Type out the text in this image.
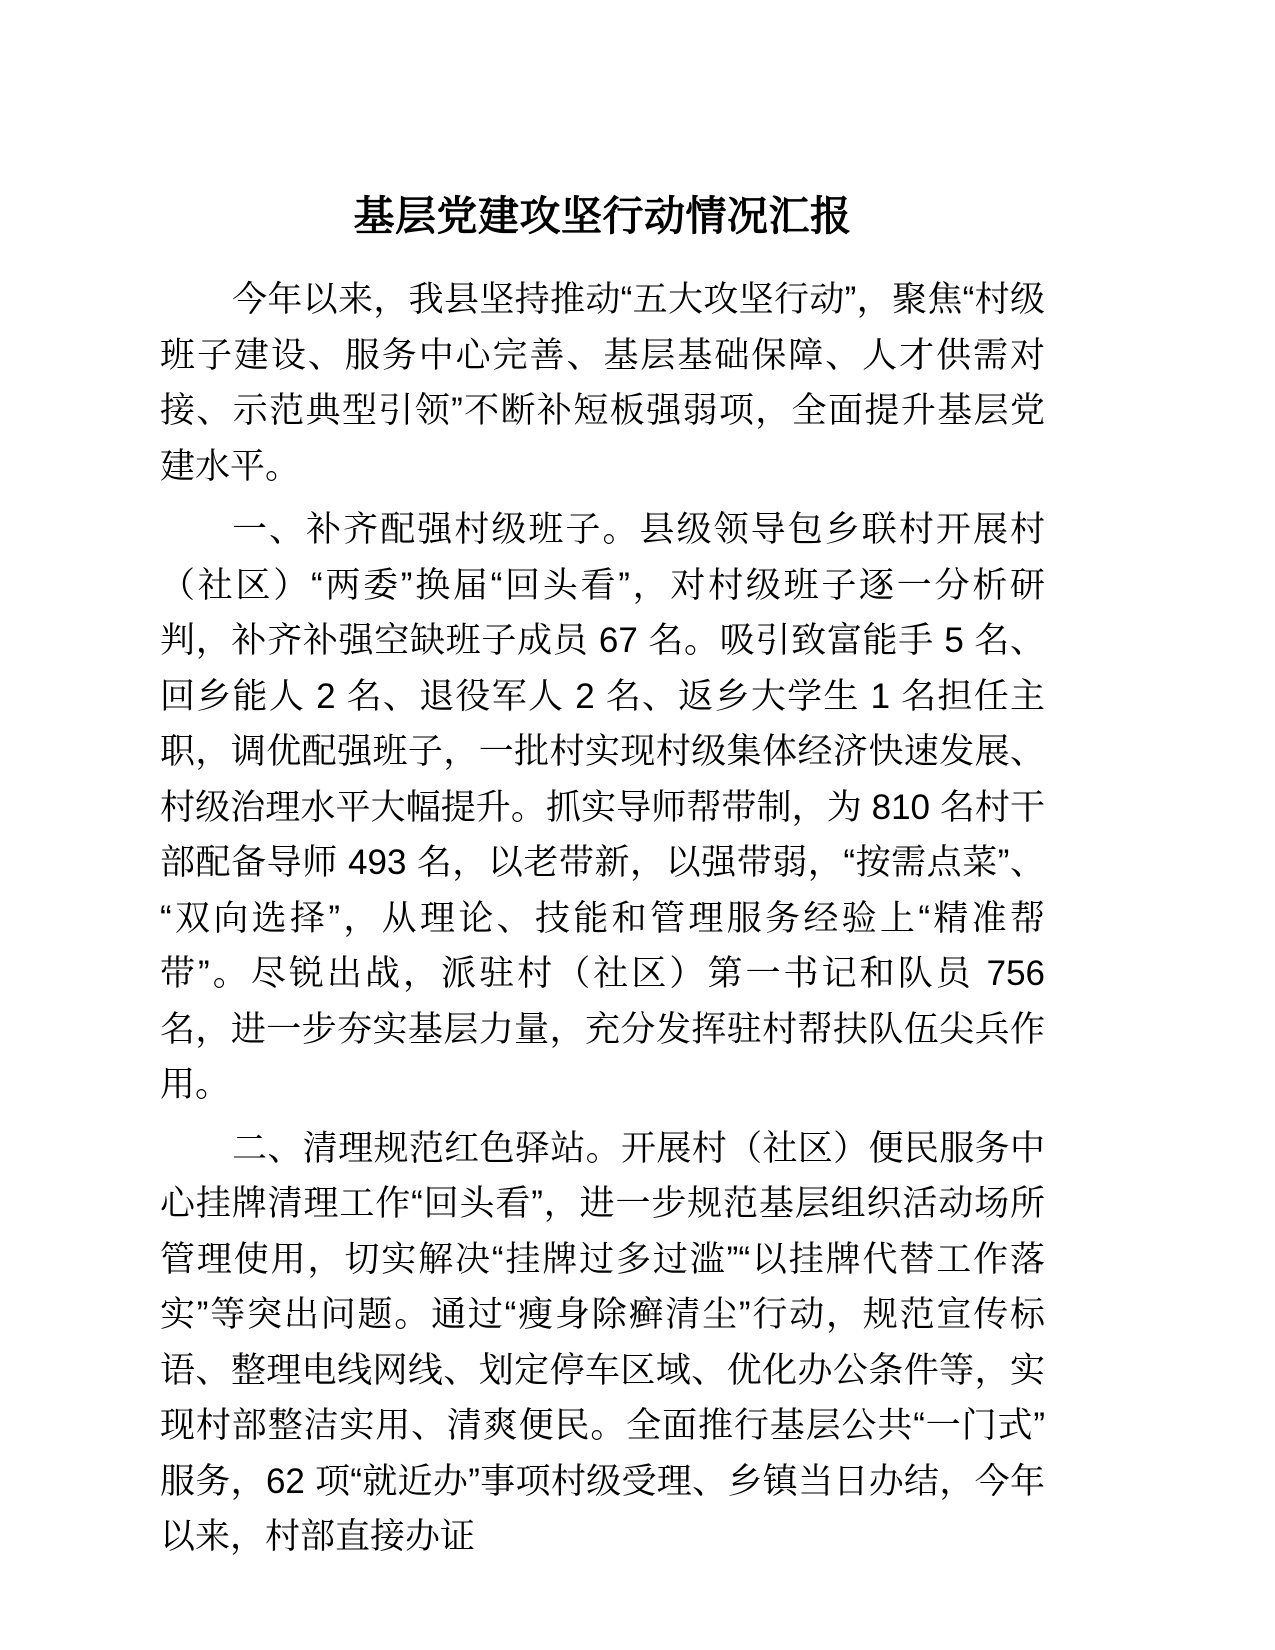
基层党建攻坚行动情况汇报

今年以来，我县坚持推动“五大攻坚行动”，聚焦“村级班子建设、服务中心完善、基层基础保障、人才供需对接、示范典型引领”不断补短板强弱项，全面提升基层党建水平。

一、补齐配强村级班子。县级领导包乡联村开展村（社区）“两委”换届“回头看”，对村级班子逐一分析研判，补齐补强空缺班子成员 67 名。吸引致富能手 5 名、回乡能人 2 名、退役军人 2 名、返乡大学生 1 名担任主职，调优配强班子，一批村实现村级集体经济快速发展、村级治理水平大幅提升。抓实导师帮带制，为 810 名村干部配备导师 493 名，以老带新，以强带弱，“按需点菜”、“双向选择”，从理论、技能和管理服务经验上“精准帮带”。尽锐出战，派驻村（社区）第一书记和队员 756 名，进一步夯实基层力量，充分发挥驻村帮扶队伍尖兵作用。

二、清理规范红色驿站。开展村（社区）便民服务中心挂牌清理工作“回头看”，进一步规范基层组织活动场所管理使用，切实解决“挂牌过多过滥”“以挂牌代替工作落实”等突出问题。通过“瘦身除癣清尘”行动，规范宣传标语、整理电线网线、划定停车区域、优化办公条件等，实现村部整洁实用、清爽便民。全面推行基层公共“一门式”服务，62 项“就近办”事项村级受理、乡镇当日办结，今年以来，村部直接办证
